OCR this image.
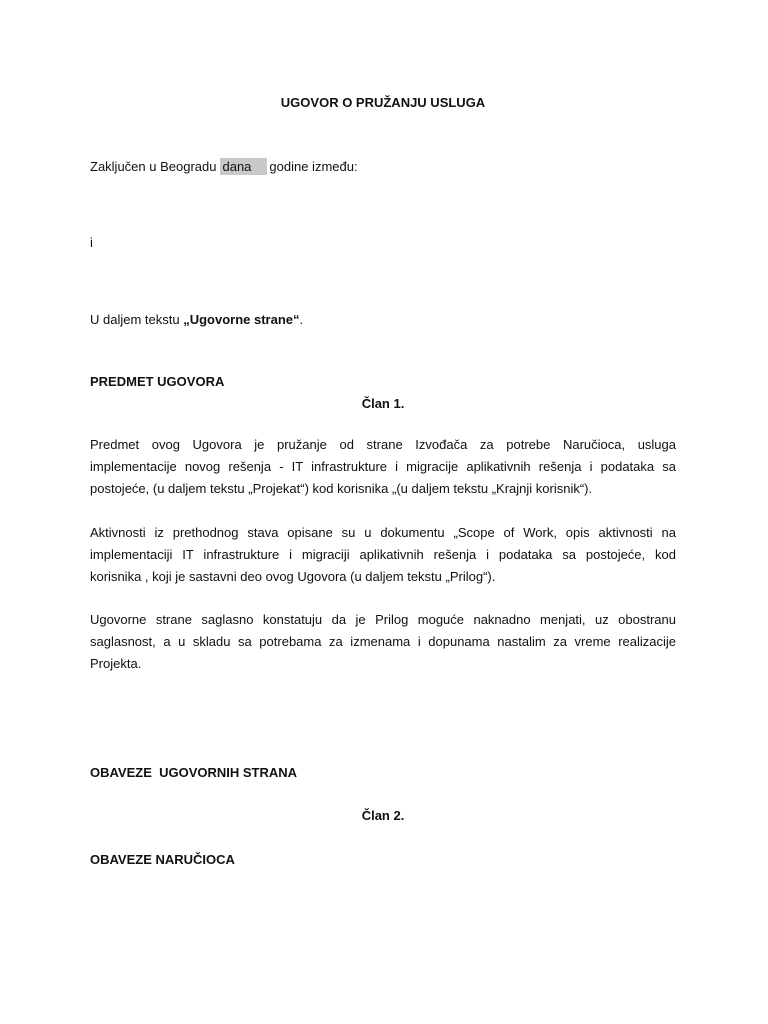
UGOVOR O PRUŽANJU USLUGA
Zaključen u Beogradu dana godine između:
i
U daljem tekstu „Ugovorne strane“.
PREDMET UGOVORA
Član 1.
Predmet ovog Ugovora je pružanje od strane Izvođača za potrebe Naručioca, usluga
implementacije novog rešenja - IT infrastrukture i migracije aplikativnih rešenja i podataka sa
postojeće, (u daljem tekstu „Projekat“) kod korisnika „(u daljem tekstu „Krajnji korisnik“).
Aktivnosti iz prethodnog stava opisane su u dokumentu „Scope of Work, opis aktivnosti na
implementaciji IT infrastrukture i migraciji aplikativnih rešenja i podataka sa postojeće, kod
korisnika , koji je sastavni deo ovog Ugovora (u daljem tekstu „Prilog“).
Ugovorne strane saglasno konstatuju da je Prilog moguće naknadno menjati, uz obostranu
saglasnost, a u skladu sa potrebama za izmenama i dopunama nastalim za vreme realizacije
Projekta.
OBAVEZE  UGOVORNIH STRANA
Član 2.
OBAVEZE NARUČIOCA
